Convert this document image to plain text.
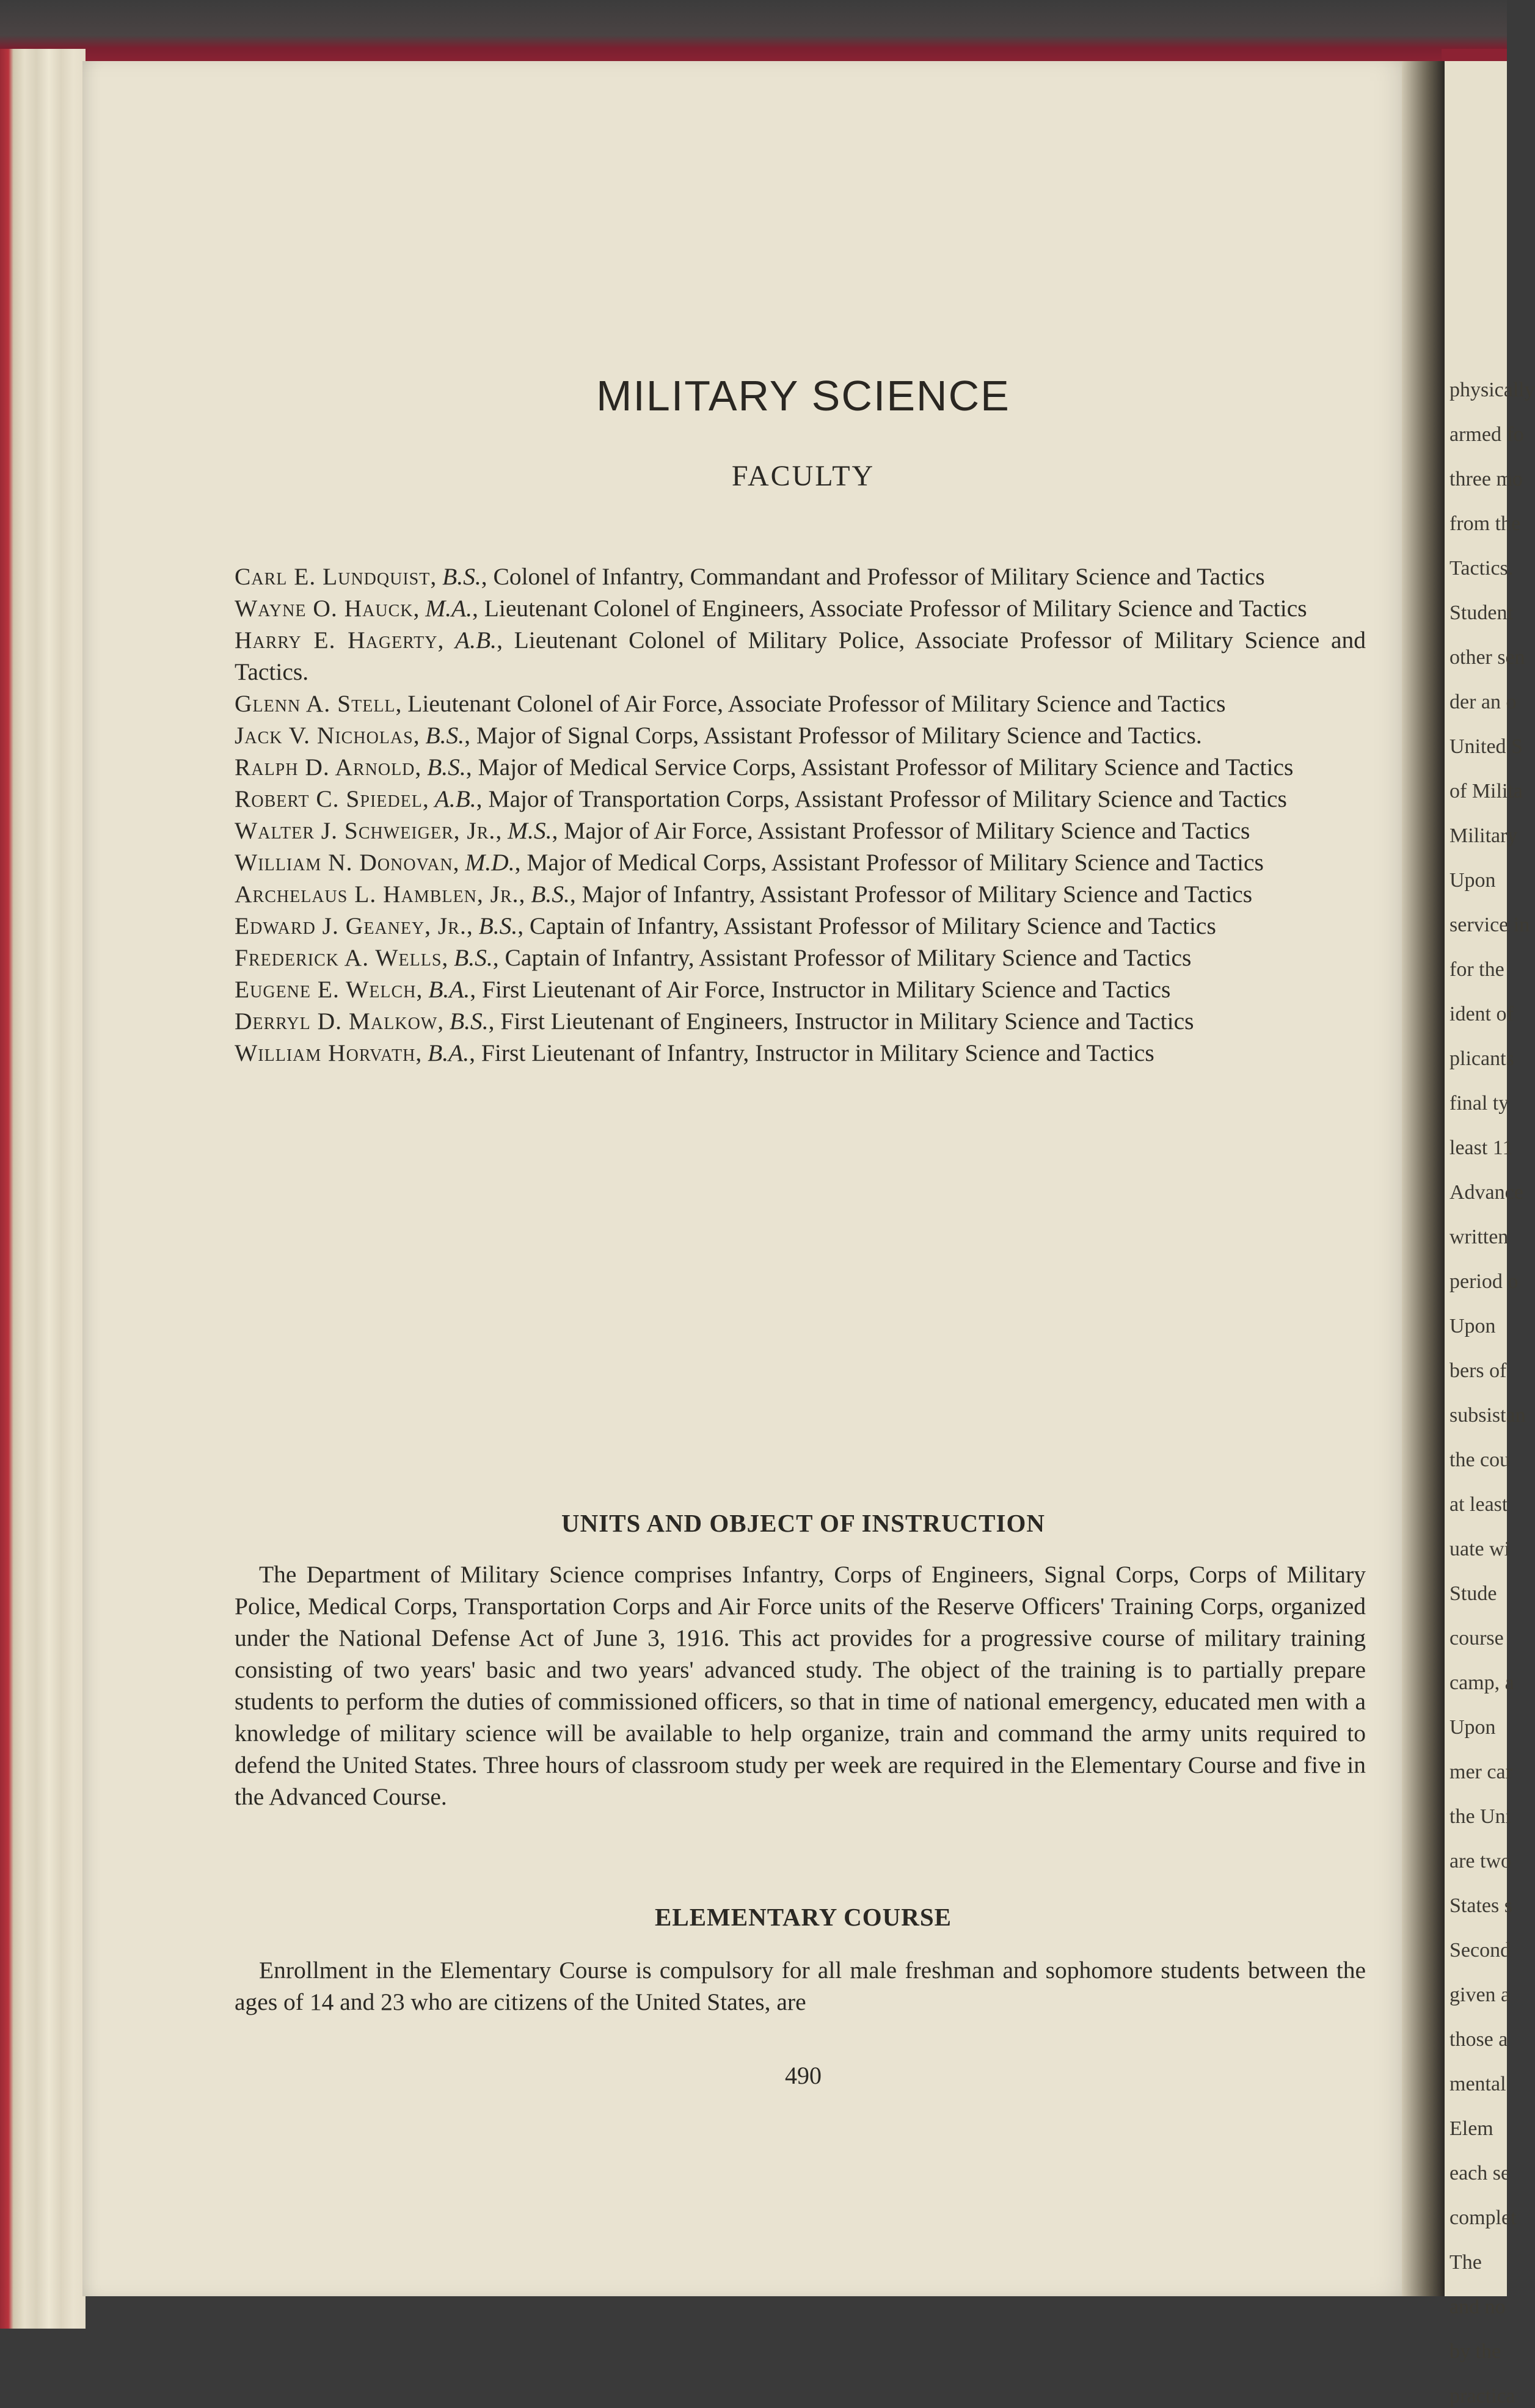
physically
armed fo
three mo
from the
Tactics.
Student
other sen
der an o
United S
of Milita
Military
Upon
service in
for the
ident of
plicants
final ty
least 11
Advance
written
period o
Upon
bers of
subsistan
the cou
at least
uate wi
Stude
course
camp, a
Upon
mer car
the Uni
are two
States s
Second
given a
those a
mental
Elem
each se
complet
The
and no
by the
practica
MILITARY SCIENCE
FACULTY
Carl E. Lundquist, B.S., Colonel of Infantry, Commandant and Professor of Military Science and Tactics
Wayne O. Hauck, M.A., Lieutenant Colonel of Engineers, Associate Professor of Military Science and Tactics
Harry E. Hagerty, A.B., Lieutenant Colonel of Military Police, Associate Professor of Military Science and Tactics.
Glenn A. Stell, Lieutenant Colonel of Air Force, Associate Professor of Military Science and Tactics
Jack V. Nicholas, B.S., Major of Signal Corps, Assistant Professor of Military Science and Tactics.
Ralph D. Arnold, B.S., Major of Medical Service Corps, Assistant Professor of Military Science and Tactics
Robert C. Spiedel, A.B., Major of Transportation Corps, Assistant Professor of Military Science and Tactics
Walter J. Schweiger, Jr., M.S., Major of Air Force, Assistant Professor of Military Science and Tactics
William N. Donovan, M.D., Major of Medical Corps, Assistant Professor of Military Science and Tactics
Archelaus L. Hamblen, Jr., B.S., Major of Infantry, Assistant Professor of Military Science and Tactics
Edward J. Geaney, Jr., B.S., Captain of Infantry, Assistant Professor of Military Science and Tactics
Frederick A. Wells, B.S., Captain of Infantry, Assistant Professor of Military Science and Tactics
Eugene E. Welch, B.A., First Lieutenant of Air Force, Instructor in Military Science and Tactics
Derryl D. Malkow, B.S., First Lieutenant of Engineers, Instructor in Military Science and Tactics
William Horvath, B.A., First Lieutenant of Infantry, Instructor in Military Science and Tactics
UNITS AND OBJECT OF INSTRUCTION

The Department of Military Science comprises Infantry, Corps of Engineers, Signal Corps, Corps of Military Police, Medical Corps, Transportation Corps and Air Force units of the Reserve Officers' Training Corps, organized under the National Defense Act of June 3, 1916. This act provides for a progressive course of military training consisting of two years' basic and two years' advanced study. The object of the training is to partially prepare students to perform the duties of commissioned officers, so that in time of national emergency, educated men with a knowledge of military science will be available to help organize, train and command the army units required to defend the United States. Three hours of classroom study per week are required in the Elementary Course and five in the Advanced Course.

ELEMENTARY COURSE

Enrollment in the Elementary Course is compulsory for all male freshman and sophomore students between the ages of 14 and 23 who are citizens of the United States, are

490
